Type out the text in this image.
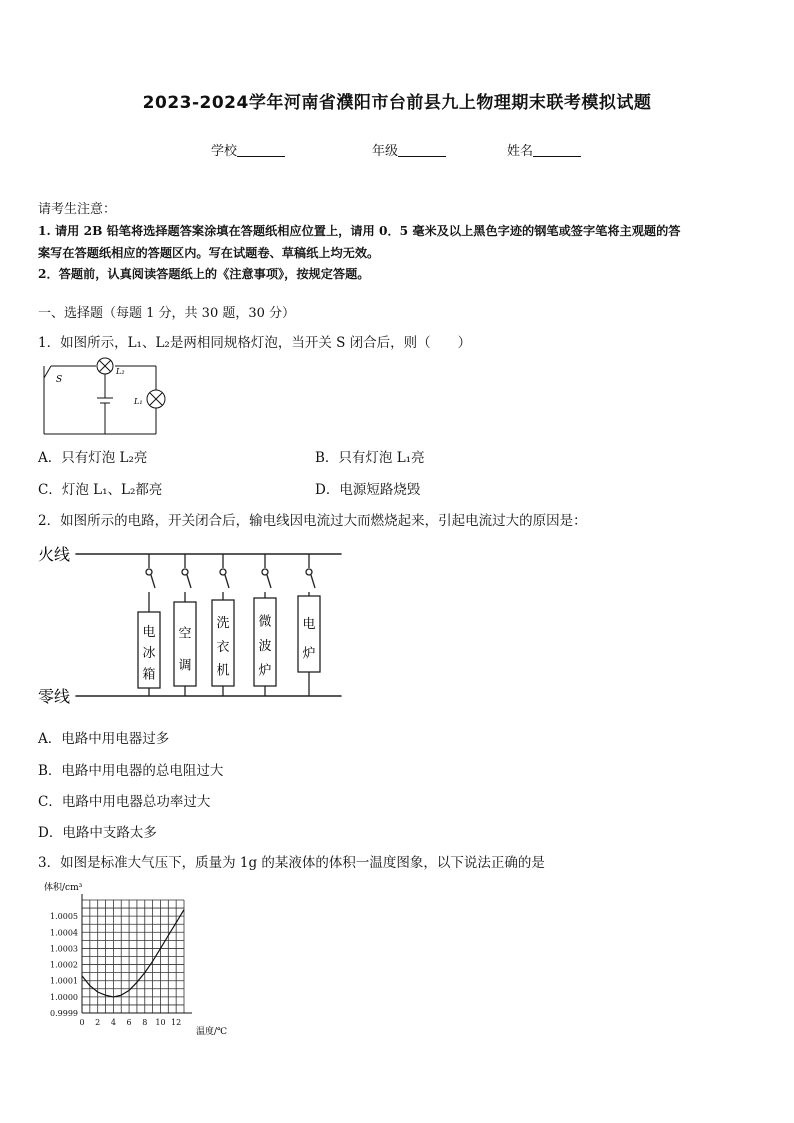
2023-2024学年河南省濮阳市台前县九上物理期末联考模拟试题
学校	年级	姓名
请考生注意：
1. 请用 2B 铅笔将选择题答案涂填在答题纸相应位置上，请用 0．5 毫米及以上黑色字迹的钢笔或签字笔将主观题的答
案写在答题纸相应的答题区内。写在试题卷、草稿纸上均无效。
2．答题前，认真阅读答题纸上的《注意事项》，按规定答题。
一、选择题（每题 1 分，共 30 题，30 分）
1．如图所示，L₁、L₂是两相同规格灯泡，当开关 S 闭合后，则（　　）
S
L₂
L₁
A．只有灯泡 L₂亮	B．只有灯泡 L₁亮
C．灯泡 L₁、L₂都亮	D．电源短路烧毁
2．如图所示的电路，开关闭合后，输电线因电流过大而燃烧起来，引起电流过大的原因是：
火线
零线
电
冰
箱
空
调
洗
衣
机
微
波
炉
电
炉
A．电路中用电器过多
B．电路中用电器的总电阻过大
C．电路中用电器总功率过大
D．电路中支路太多
3．如图是标准大气压下，质量为 1g 的某液体的体积一温度图象，以下说法正确的是
0 2 4 6 8 10 12
1.0005
1.0004
1.0003
1.0002
1.0001
1.0000
0.9999
体积/cm³
温度/℃
